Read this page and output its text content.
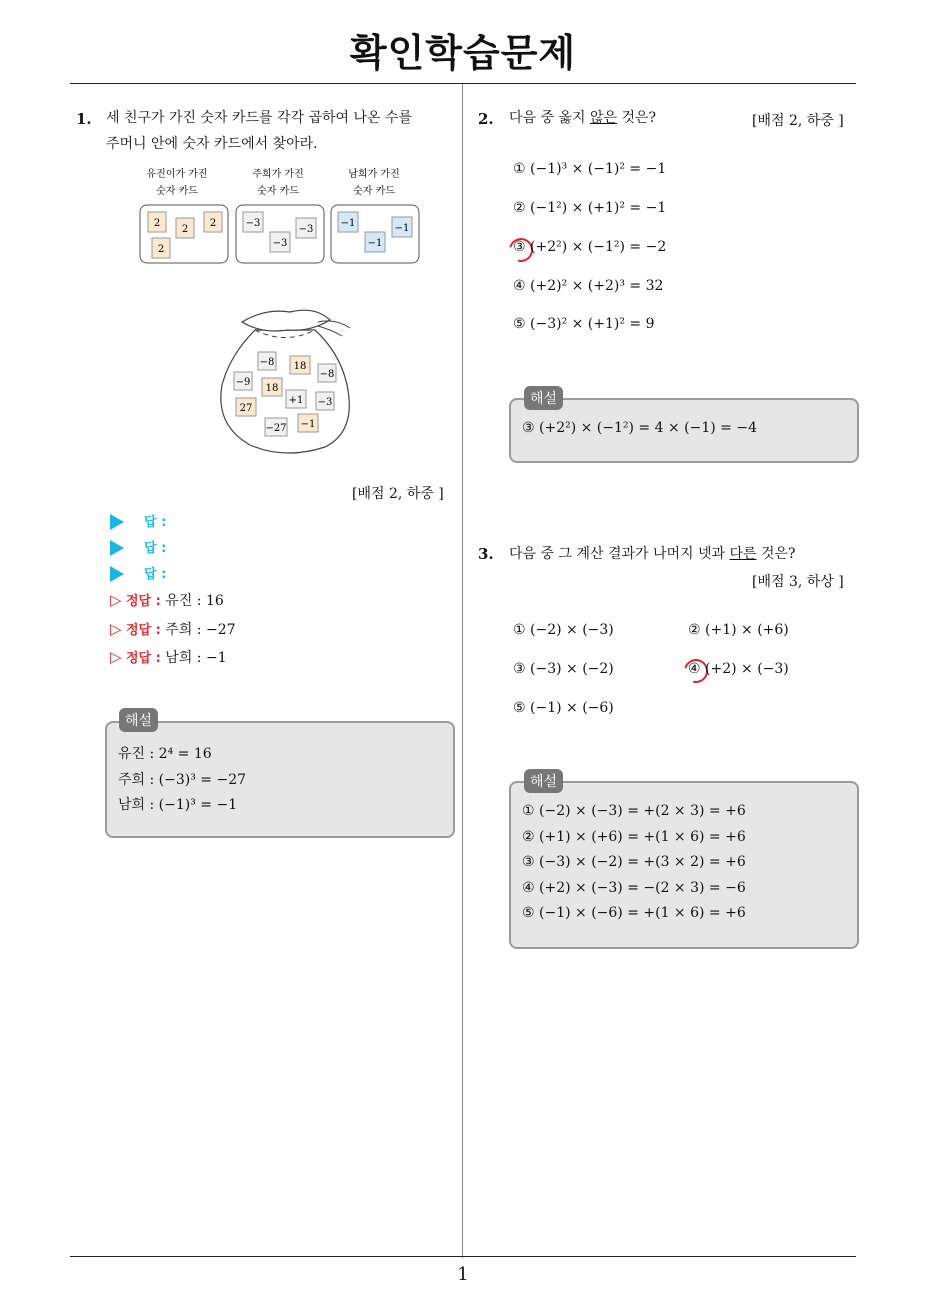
확인학습문제
1
1. 세 친구가 가진 숫자 카드를 각각 곱하여 나온 수를
주머니 안에 숫자 카드에서 찾아라.
유진이가 가진
숫자 카드
2
2
2
2
주희가 가진
숫자 카드
−3
−3
−3
남희가 가진
숫자 카드
−1
−1
−1
−8 18
−8
−9
18
+1 −3
27
−27 −1
[배점 2, 하중 ]
답 :
답 :
답 :
▷ 정답 : 유진 : 16
▷ 정답 : 주희 : −27
▷ 정답 : 남희 : −1
해설
유진 : 2⁴ = 16
주희 : (−3)³ = −27
남희 : (−1)³ = −1
2. 다음 중 옳지 않은 것은?	[배점 2, 하중 ]
① (−1)³ × (−1)² = −1
② (−1²) × (+1)² = −1
③ (+2²) × (−1²) = −2
④ (+2)² × (+2)³ = 32
⑤ (−3)² × (+1)² = 9
해설
③ (+2²) × (−1²) = 4 × (−1) = −4
3. 다음 중 그 계산 결과가 나머지 넷과 다른 것은?
[배점 3, 하상 ]
① (−2) × (−3)	② (+1) × (+6)
③ (−3) × (−2)	④ (+2) × (−3)
⑤ (−1) × (−6)
해설
① (−2) × (−3) = +(2 × 3) = +6
② (+1) × (+6) = +(1 × 6) = +6
③ (−3) × (−2) = +(3 × 2) = +6
④ (+2) × (−3) = −(2 × 3) = −6
⑤ (−1) × (−6) = +(1 × 6) = +6
